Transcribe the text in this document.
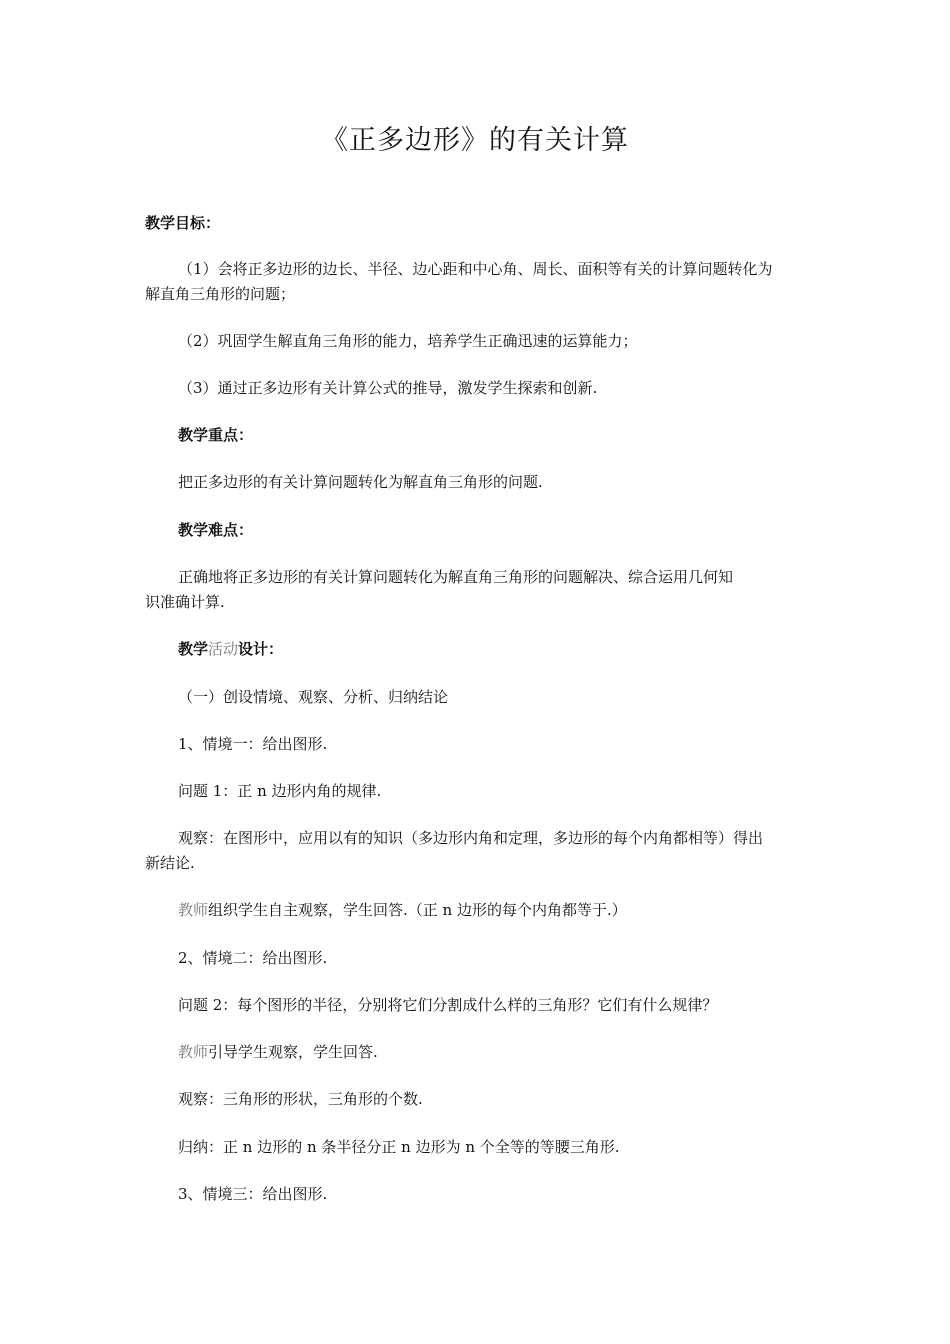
《正多边形》的有关计算
教学目标：
（1）会将正多边形的边长、半径、边心距和中心角、周长、面积等有关的计算问题转化为
解直角三角形的问题；
（2）巩固学生解直角三角形的能力，培养学生正确迅速的运算能力；
（3）通过正多边形有关计算公式的推导，激发学生探索和创新.
教学重点：
把正多边形的有关计算问题转化为解直角三角形的问题.
教学难点：
正确地将正多边形的有关计算问题转化为解直角三角形的问题解决、综合运用几何知
识准确计算.
教学活动设计：
（一）创设情境、观察、分析、归纳结论
1、情境一：给出图形.
问题 1：正 n 边形内角的规律.
观察：在图形中，应用以有的知识（多边形内角和定理，多边形的每个内角都相等）得出
新结论.
教师组织学生自主观察，学生回答.（正 n 边形的每个内角都等于.）
2、情境二：给出图形.
问题 2：每个图形的半径，分别将它们分割成什么样的三角形？它们有什么规律？
教师引导学生观察，学生回答.
观察：三角形的形状，三角形的个数.
归纳：正 n 边形的 n 条半径分正 n 边形为 n 个全等的等腰三角形.
3、情境三：给出图形.
